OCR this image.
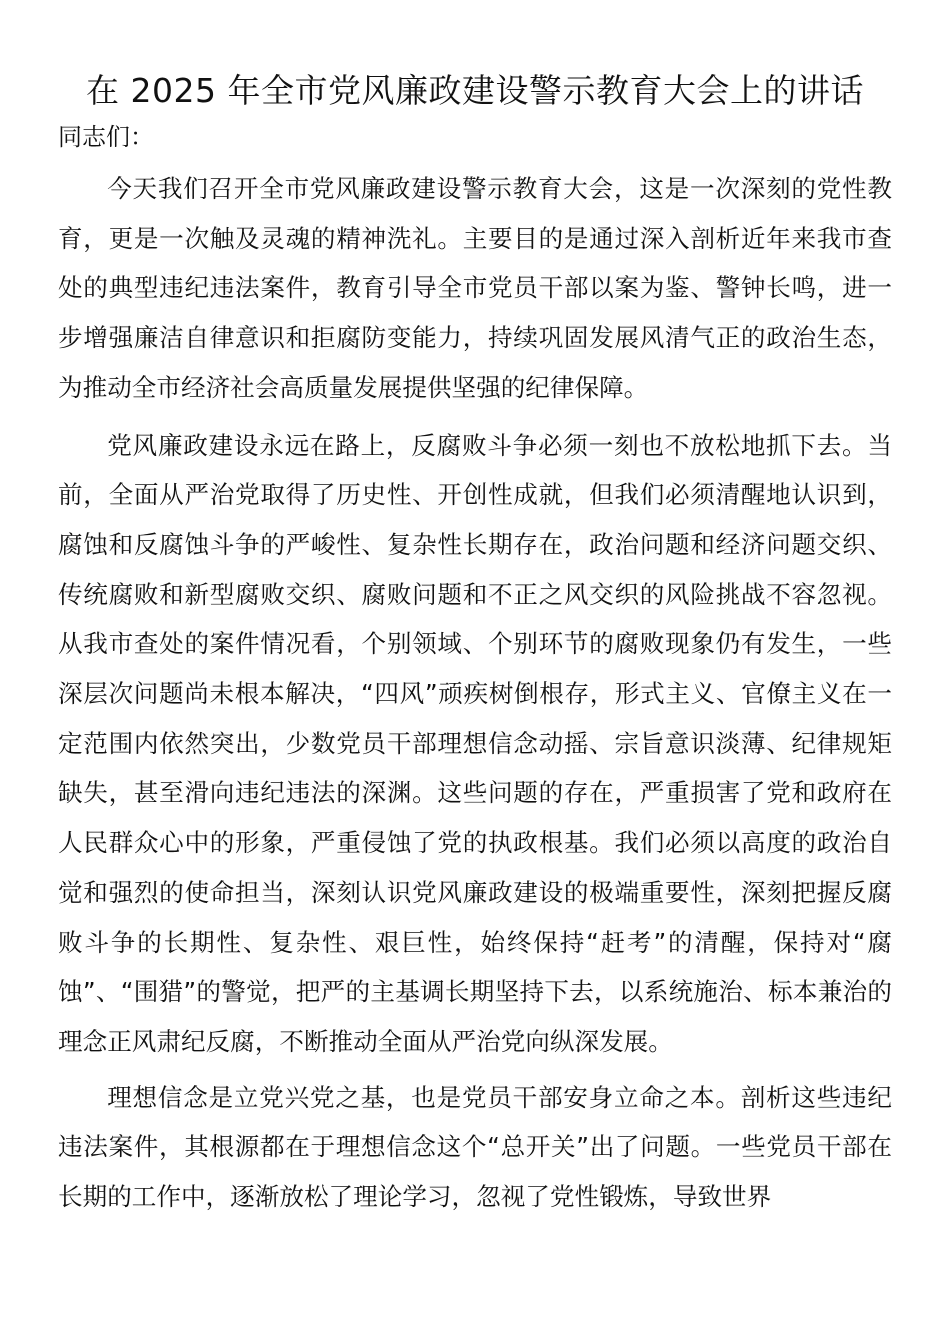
在 2025 年全市党风廉政建设警示教育大会上的讲话

同志们：

今天我们召开全市党风廉政建设警示教育大会，这是一次深刻的党性教育，更是一次触及灵魂的精神洗礼。主要目的是通过深入剖析近年来我市查处的典型违纪违法案件，教育引导全市党员干部以案为鉴、警钟长鸣，进一步增强廉洁自律意识和拒腐防变能力，持续巩固发展风清气正的政治生态，为推动全市经济社会高质量发展提供坚强的纪律保障。

党风廉政建设永远在路上，反腐败斗争必须一刻也不放松地抓下去。当前，全面从严治党取得了历史性、开创性成就，但我们必须清醒地认识到，腐蚀和反腐蚀斗争的严峻性、复杂性长期存在，政治问题和经济问题交织、传统腐败和新型腐败交织、腐败问题和不正之风交织的风险挑战不容忽视。从我市查处的案件情况看，个别领域、个别环节的腐败现象仍有发生，一些深层次问题尚未根本解决，“四风”顽疾树倒根存，形式主义、官僚主义在一定范围内依然突出，少数党员干部理想信念动摇、宗旨意识淡薄、纪律规矩缺失，甚至滑向违纪违法的深渊。这些问题的存在，严重损害了党和政府在人民群众心中的形象，严重侵蚀了党的执政根基。我们必须以高度的政治自觉和强烈的使命担当，深刻认识党风廉政建设的极端重要性，深刻把握反腐败斗争的长期性、复杂性、艰巨性，始终保持“赶考”的清醒，保持对“腐蚀”、“围猎”的警觉，把严的主基调长期坚持下去，以系统施治、标本兼治的理念正风肃纪反腐，不断推动全面从严治党向纵深发展。

理想信念是立党兴党之基，也是党员干部安身立命之本。剖析这些违纪违法案件，其根源都在于理想信念这个“总开关”出了问题。一些党员干部在长期的工作中，逐渐放松了理论学习，忽视了党性锻炼，导致世界
